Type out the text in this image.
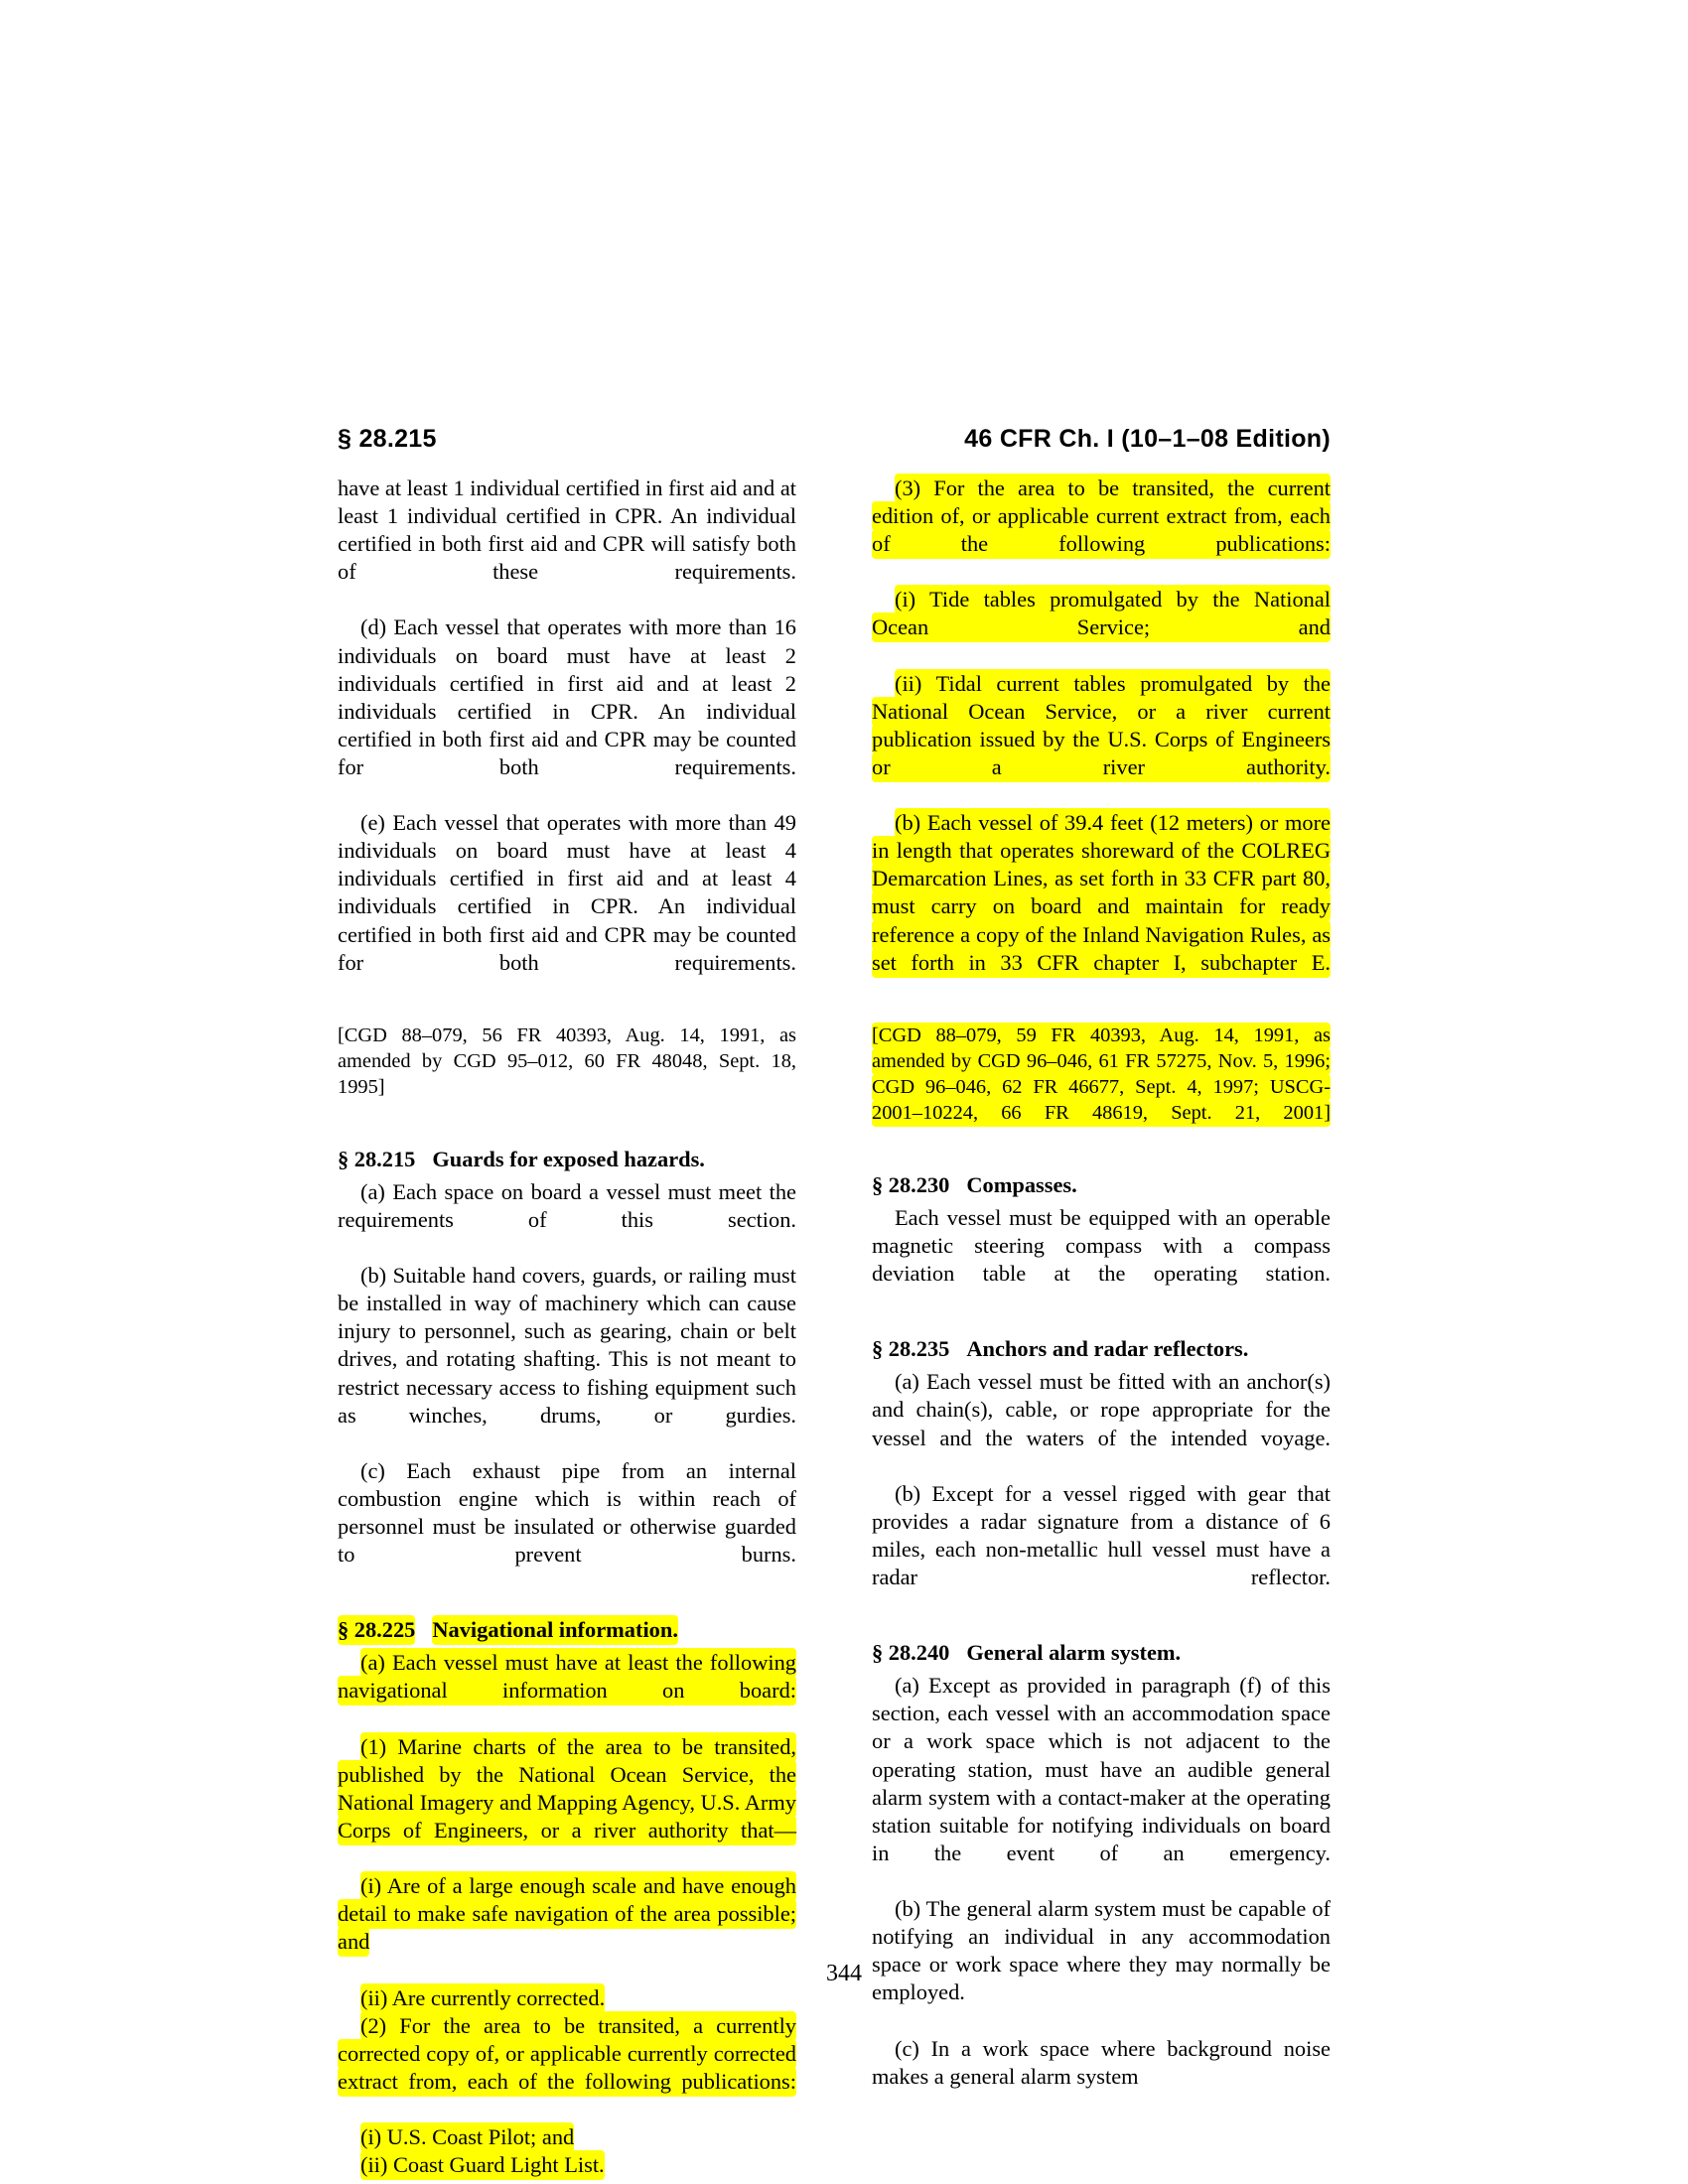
§ 28.215	46 CFR Ch. I (10–1–08 Edition)

have at least 1 individual certified in first aid and at least 1 individual certified in CPR. An individual certified in both first aid and CPR will satisfy both of these requirements.

(d) Each vessel that operates with more than 16 individuals on board must have at least 2 individuals certified in first aid and at least 2 individuals certified in CPR. An individual certified in both first aid and CPR may be counted for both requirements.

(e) Each vessel that operates with more than 49 individuals on board must have at least 4 individuals certified in first aid and at least 4 individuals certified in CPR. An individual certified in both first aid and CPR may be counted for both requirements.

[CGD 88–079, 56 FR 40393, Aug. 14, 1991, as amended by CGD 95–012, 60 FR 48048, Sept. 18, 1995]

§ 28.215 Guards for exposed hazards.

(a) Each space on board a vessel must meet the requirements of this section.

(b) Suitable hand covers, guards, or railing must be installed in way of machinery which can cause injury to personnel, such as gearing, chain or belt drives, and rotating shafting. This is not meant to restrict necessary access to fishing equipment such as winches, drums, or gurdies.

(c) Each exhaust pipe from an internal combustion engine which is within reach of personnel must be insulated or otherwise guarded to prevent burns.

§ 28.225 Navigational information.

(a) Each vessel must have at least the following navigational information on board:

(1) Marine charts of the area to be transited, published by the National Ocean Service, the National Imagery and Mapping Agency, U.S. Army Corps of Engineers, or a river authority that—

(i) Are of a large enough scale and have enough detail to make safe navigation of the area possible; and

(ii) Are currently corrected.

(2) For the area to be transited, a currently corrected copy of, or applicable currently corrected extract from, each of the following publications:

(i) U.S. Coast Pilot; and

(ii) Coast Guard Light List.

(3) For the area to be transited, the current edition of, or applicable current extract from, each of the following publications:

(i) Tide tables promulgated by the National Ocean Service; and

(ii) Tidal current tables promulgated by the National Ocean Service, or a river current publication issued by the U.S. Corps of Engineers or a river authority.

(b) Each vessel of 39.4 feet (12 meters) or more in length that operates shoreward of the COLREG Demarcation Lines, as set forth in 33 CFR part 80, must carry on board and maintain for ready reference a copy of the Inland Navigation Rules, as set forth in 33 CFR chapter I, subchapter E.

[CGD 88–079, 59 FR 40393, Aug. 14, 1991, as amended by CGD 96–046, 61 FR 57275, Nov. 5, 1996; CGD 96–046, 62 FR 46677, Sept. 4, 1997; USCG-2001–10224, 66 FR 48619, Sept. 21, 2001]

§ 28.230 Compasses.

Each vessel must be equipped with an operable magnetic steering compass with a compass deviation table at the operating station.

§ 28.235 Anchors and radar reflectors.

(a) Each vessel must be fitted with an anchor(s) and chain(s), cable, or rope appropriate for the vessel and the waters of the intended voyage.

(b) Except for a vessel rigged with gear that provides a radar signature from a distance of 6 miles, each non-metallic hull vessel must have a radar reflector.

§ 28.240 General alarm system.

(a) Except as provided in paragraph (f) of this section, each vessel with an accommodation space or a work space which is not adjacent to the operating station, must have an audible general alarm system with a contact-maker at the operating station suitable for notifying individuals on board in the event of an emergency.

(b) The general alarm system must be capable of notifying an individual in any accommodation space or work space where they may normally be employed.

(c) In a work space where background noise makes a general alarm system

344
